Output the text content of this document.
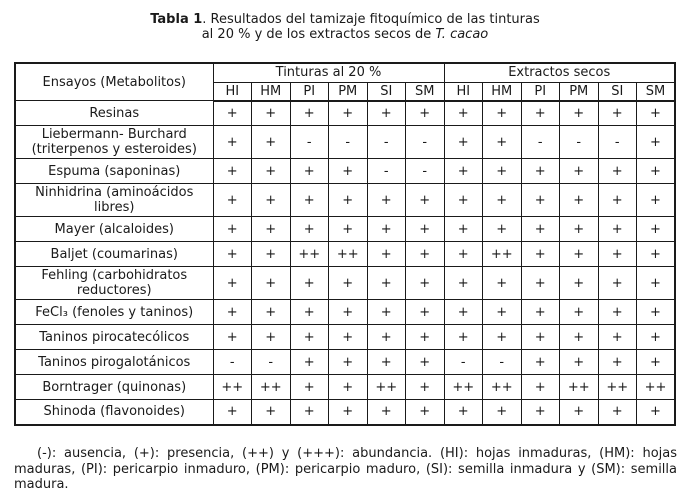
Tabla 1. Resultados del tamizaje fitoquímico de las tinturas
al 20 % y de los extractos secos de T. cacao
Ensayos (Metabolitos)	Tinturas al 20 %						Extractos secos					
	HI	HM	PI	PM	SI	SM	HI	HM	PI	PM	SI	SM
Resinas	+	+	+	+	+	+	+	+	+	+	+	+
Liebermann- Burchard (triterpenos y esteroides)	+	+	-	-	-	-	+	+	-	-	-	+
Espuma (saponinas)	+	+	+	+	-	-	+	+	+	+	+	+
Ninhidrina (aminoácidos libres)	+	+	+	+	+	+	+	+	+	+	+	+
Mayer (alcaloides)	+	+	+	+	+	+	+	+	+	+	+	+
Baljet (coumarinas)	+	+	++	++	+	+	+	++	+	+	+	+
Fehling (carbohidratos reductores)	+	+	+	+	+	+	+	+	+	+	+	+
FeCl₃ (fenoles y taninos)	+	+	+	+	+	+	+	+	+	+	+	+
Taninos pirocatecólicos	+	+	+	+	+	+	+	+	+	+	+	+
Taninos pirogalotánicos	-	-	+	+	+	+	-	-	+	+	+	+
Borntrager (quinonas)	++	++	+	+	++	+	++	++	+	++	++	++
Shinoda (flavonoides)	+	+	+	+	+	+	+	+	+	+	+	+

(-): ausencia, (+): presencia, (++) y (+++): abundancia. (HI): hojas inmaduras, (HM): hojas maduras, (PI): pericarpio inmaduro, (PM): pericarpio maduro, (SI): semilla inmadura y (SM): semilla madura.
